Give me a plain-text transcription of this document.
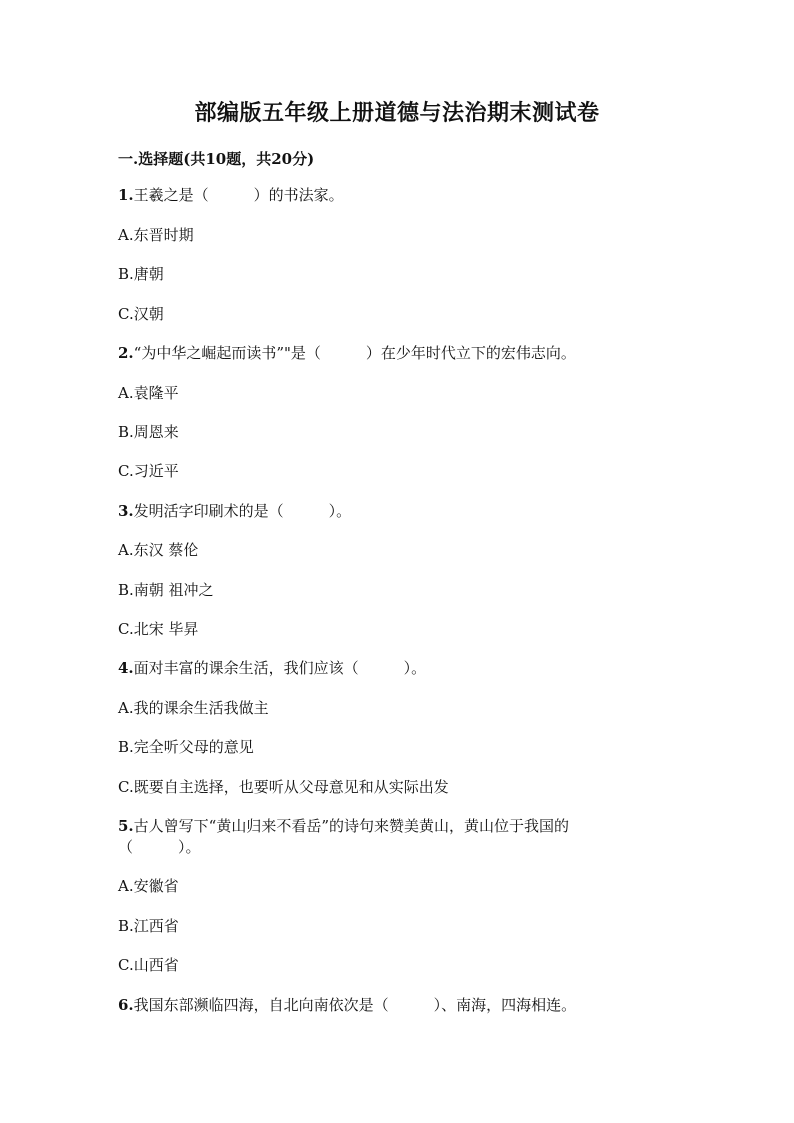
部编版五年级上册道德与法治期末测试卷
一.选择题(共10题，共20分)
1.王羲之是（　　　）的书法家。
A.东晋时期
B.唐朝
C.汉朝
2.“为中华之崛起而读书”"是（　　　）在少年时代立下的宏伟志向。
A.袁隆平
B.周恩来
C.习近平
3.发明活字印刷术的是（　　　）。
A.东汉 蔡伦
B.南朝 祖冲之
C.北宋 毕昇
4.面对丰富的课余生活，我们应该（　　　）。
A.我的课余生活我做主
B.完全听父母的意见
C.既要自主选择，也要听从父母意见和从实际出发
5.古人曾写下“黄山归来不看岳”的诗句来赞美黄山，黄山位于我国的
（　　　）。
A.安徽省
B.江西省
C.山西省
6.我国东部濒临四海，自北向南依次是（　　　）、南海，四海相连。
